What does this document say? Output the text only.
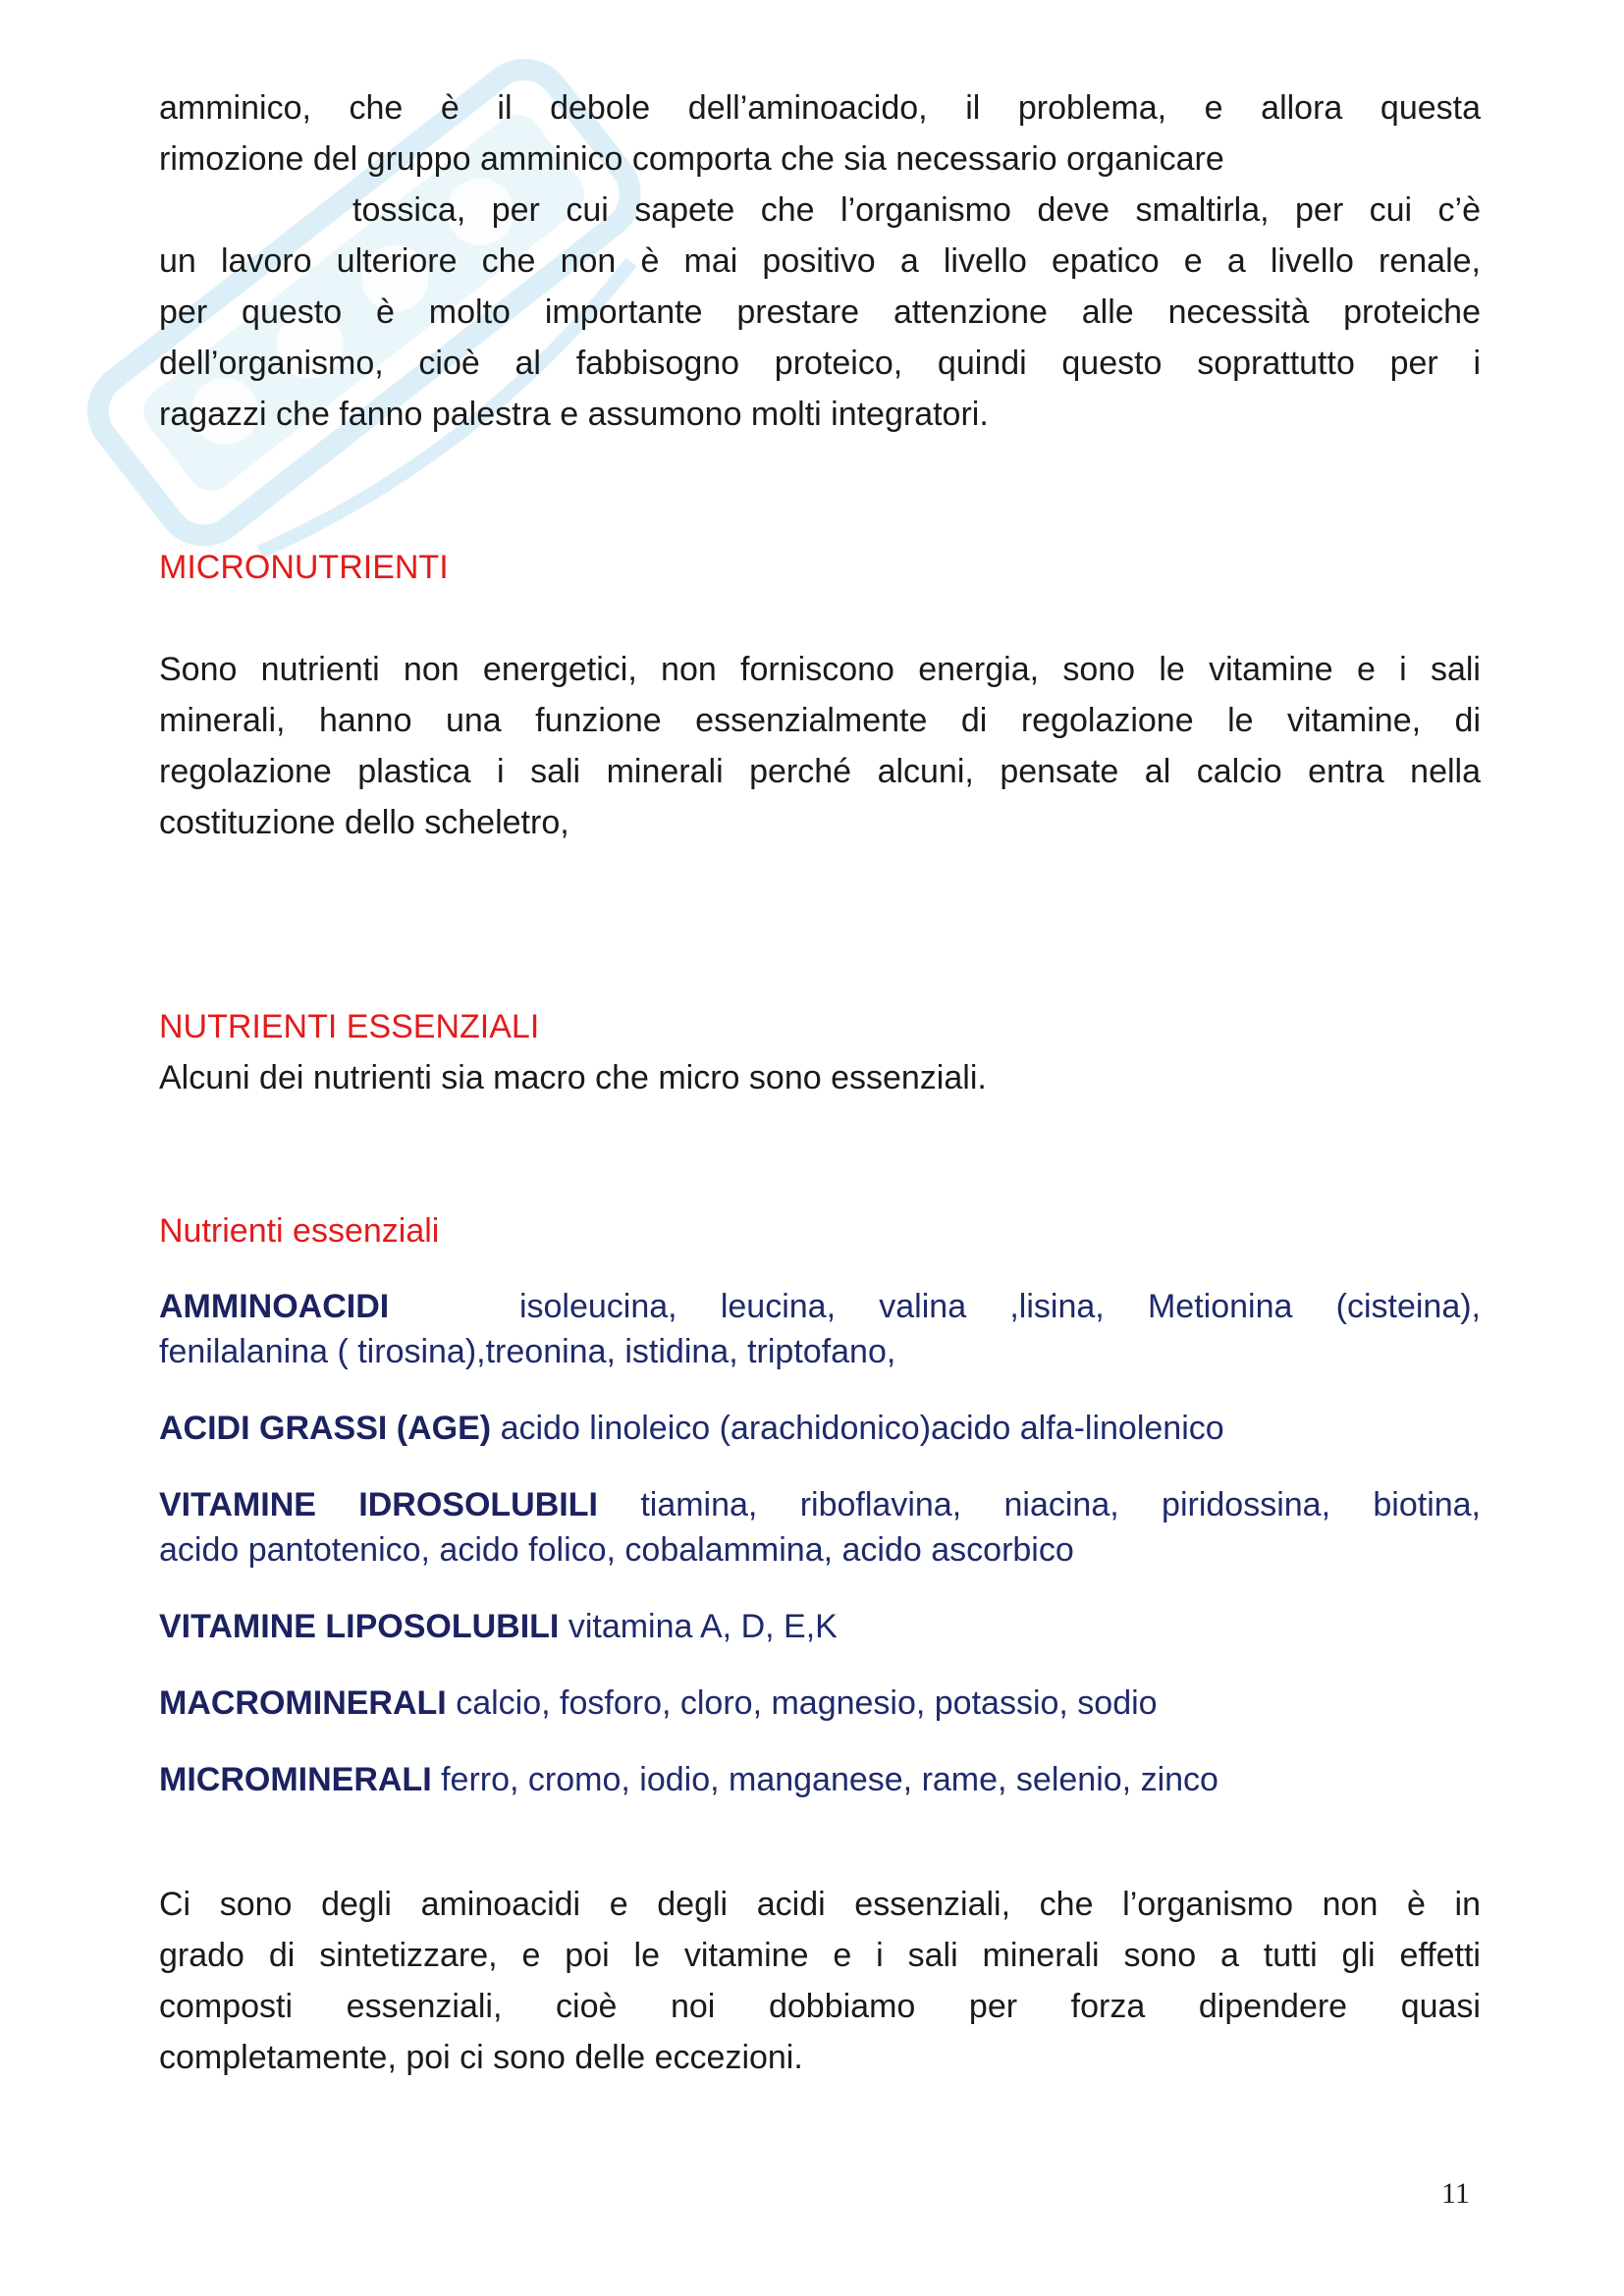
amminico, che è il debole dell’aminoacido, il problema, e allora questa
rimozione del gruppo amminico comporta che sia necessario organicare
tossica, per cui sapete che l’organismo deve smaltirla, per cui c’è
un lavoro ulteriore che non è mai positivo a livello epatico e a livello renale,
per questo è molto importante prestare attenzione alle necessità proteiche
dell’organismo, cioè al fabbisogno proteico, quindi questo soprattutto per i
ragazzi che fanno palestra e assumono molti integratori.
MICRONUTRIENTI
Sono nutrienti non energetici, non forniscono energia, sono le vitamine e i sali
minerali, hanno una funzione essenzialmente di regolazione le vitamine, di
regolazione plastica i sali minerali perché alcuni, pensate al calcio entra nella
costituzione dello scheletro,
NUTRIENTI ESSENZIALI
Alcuni dei nutrienti sia macro che micro sono essenziali.
Nutrienti essenziali
AMMINOACIDI	isoleucina, leucina, valina ,lisina, Metionina (cisteina),
fenilalanina ( tirosina),treonina, istidina, triptofano,
ACIDI GRASSI (AGE) acido linoleico (arachidonico)acido alfa-linolenico
VITAMINE IDROSOLUBILI tiamina, riboflavina, niacina, piridossina, biotina,
acido pantotenico, acido folico, cobalammina, acido ascorbico
VITAMINE LIPOSOLUBILI vitamina A, D, E,K
MACROMINERALI calcio, fosforo, cloro, magnesio, potassio, sodio
MICROMINERALI ferro, cromo, iodio, manganese, rame, selenio, zinco
Ci sono degli aminoacidi e degli acidi essenziali, che l’organismo non è in
grado di sintetizzare, e poi le vitamine e i sali minerali sono a tutti gli effetti
composti essenziali, cioè noi dobbiamo per forza dipendere quasi
completamente, poi ci sono delle eccezioni.
11
